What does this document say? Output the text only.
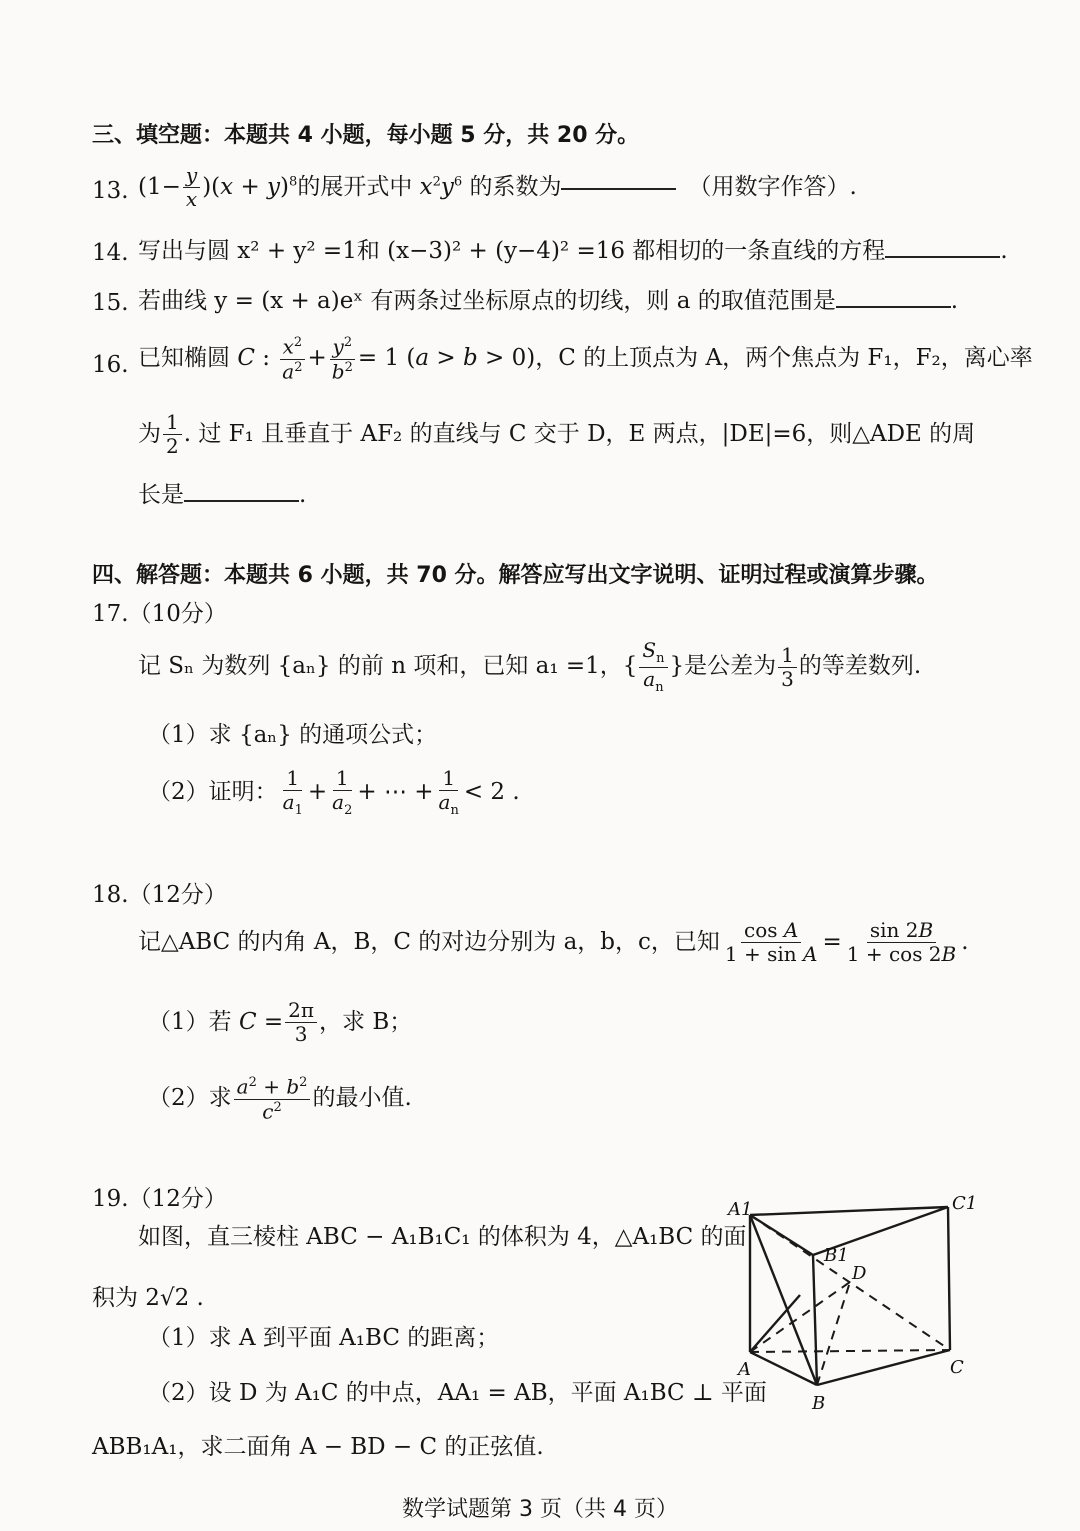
三、填空题：本题共 4 小题，每小题 5 分，共 20 分。
13. $(1- \frac{y}{x} )(x + y)^8$ 的展开式中 $x^2y^6$ 的系数为	（用数字作答）.
14. 写出与圆 x² + y² =1和 (x−3)² + (y−4)² =16 都相切的一条直线的方程	.
15. 若曲线 y = (x + a)eˣ 有两条过坐标原点的切线，则 a 的取值范围是	.
16. 已知椭圆 C : $\frac{x^2}{a^2} + \frac{y^2}{b^2} = 1$ (a > b > 0) ，C 的上顶点为 A，两个焦点为 F₁，F₂，离心率
为 $\frac{1}{2}$ . 过 F₁ 且垂直于 AF₂ 的直线与 C 交于 D，E 两点，|DE|=6，则△ADE 的周
长是	.
四、解答题：本题共 6 小题，共 70 分。解答应写出文字说明、证明过程或演算步骤。
17.（10分）
记 Sₙ 为数列 {aₙ} 的前 n 项和，已知 a₁ =1， { $\frac{S_n}{a_n}$ } 是公差为 $\frac{1}{3}$ 的等差数列.
（1）求 {aₙ} 的通项公式；
（2）证明： $\frac{1}{a_1} + \frac{1}{a_2}$ + ⋯ + $\frac{1}{a_n} < 2$ .
18.（12分）
记△ABC 的内角 A，B，C 的对边分别为 a，b，c，已知 $\frac{\text{cos A}}{\text{1 + sin A}} = \frac{\sin 2B}{1 + \cos 2B}$ .
（1）若 $C = \frac{2\pi}{3}$ ，求 B；
（2）求 $\frac{a^2 + b^2}{c^2}$ 的最小值.
19.（12分）
如图，直三棱柱 ABC − A₁B₁C₁ 的体积为 4，△A₁BC 的面
积为 2√2 .
（1）求 A 到平面 A₁BC 的距离；
（2）设 D 为 A₁C 的中点，AA₁ = AB，平面 A₁BC ⊥ 平面
ABB₁A₁，求二面角 A − BD − C 的正弦值.
A1	C1
B1
D
A	C
B
数学试题第 3 页（共 4 页）
